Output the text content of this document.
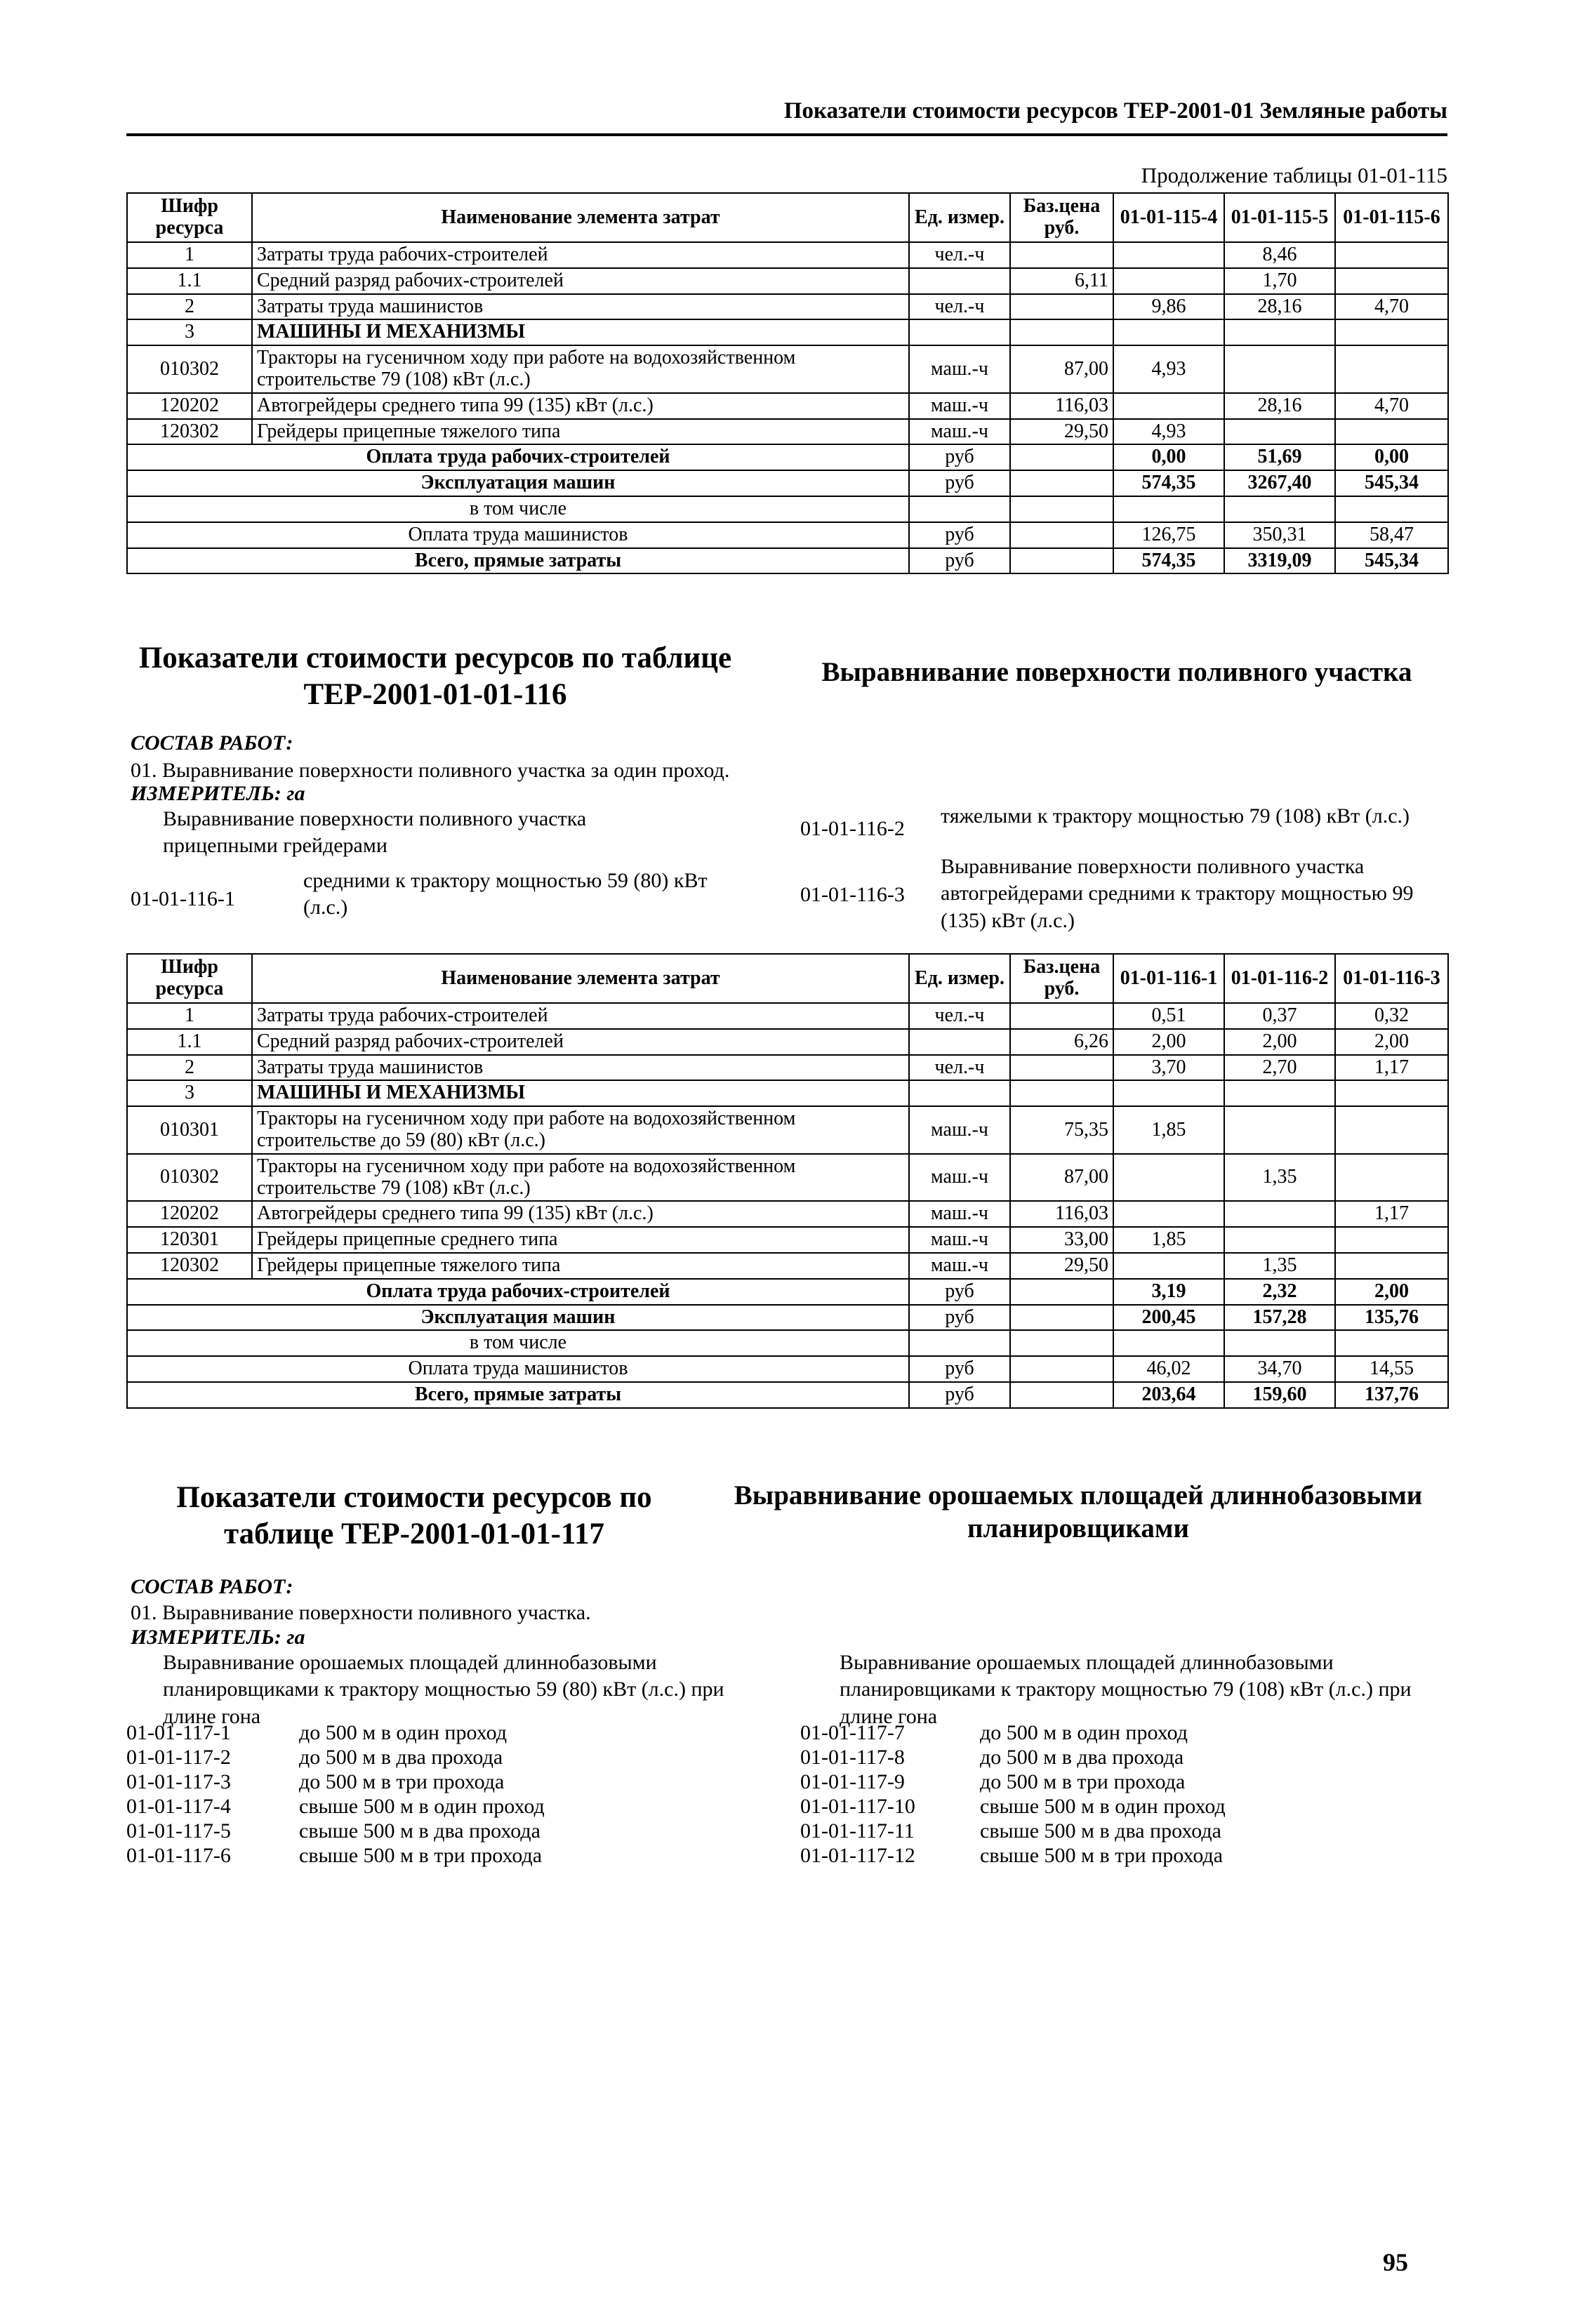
Показатели стоимости ресурсов ТЕР-2001-01 Земляные работы
Продолжение таблицы 01-01-115
Шифр ресурса	Наименование элемента затрат	Ед. измер.	Баз.цена руб.	01-01-115-4	01-01-115-5	01-01-115-6
1	Затраты труда рабочих-строителей	чел.-ч			8,46	
1.1	Средний разряд рабочих-строителей		6,11		1,70	
2	Затраты труда машинистов	чел.-ч		9,86	28,16	4,70
3	МАШИНЫ И МЕХАНИЗМЫ					
010302	Тракторы на гусеничном ходу при работе на водохозяйственном строительстве 79 (108) кВт (л.с.)	маш.-ч	87,00	4,93		
120202	Автогрейдеры среднего типа 99 (135) кВт (л.с.)	маш.-ч	116,03		28,16	4,70
120302	Грейдеры прицепные тяжелого типа	маш.-ч	29,50	4,93		
Оплата труда рабочих-строителей		руб		0,00	51,69	0,00
Эксплуатация машин		руб		574,35	3267,40	545,34
в том числе						
Оплата труда машинистов		руб		126,75	350,31	58,47
Всего, прямые затраты		руб		574,35	3319,09	545,34
Показатели стоимости ресурсов по таблице ТЕР-2001-01-01-116
Выравнивание поверхности поливного участка
СОСТАВ РАБОТ:
01. Выравнивание поверхности поливного участка за один проход.
ИЗМЕРИТЕЛЬ: га
Выравнивание поверхности поливного участка прицепными грейдерами
01-01-116-1
средними к трактору мощностью 59 (80) кВт (л.с.)
01-01-116-2
тяжелыми к трактору мощностью 79 (108) кВт (л.с.)
01-01-116-3
Выравнивание поверхности поливного участка автогрейдерами средними к трактору мощностью 99 (135) кВт (л.с.)
Шифр ресурса	Наименование элемента затрат	Ед. измер.	Баз.цена руб.	01-01-116-1	01-01-116-2	01-01-116-3
1	Затраты труда рабочих-строителей	чел.-ч		0,51	0,37	0,32
1.1	Средний разряд рабочих-строителей		6,26	2,00	2,00	2,00
2	Затраты труда машинистов	чел.-ч		3,70	2,70	1,17
3	МАШИНЫ И МЕХАНИЗМЫ					
010301	Тракторы на гусеничном ходу при работе на водохозяйственном строительстве до 59 (80) кВт (л.с.)	маш.-ч	75,35	1,85		
010302	Тракторы на гусеничном ходу при работе на водохозяйственном строительстве 79 (108) кВт (л.с.)	маш.-ч	87,00		1,35	
120202	Автогрейдеры среднего типа 99 (135) кВт (л.с.)	маш.-ч	116,03			1,17
120301	Грейдеры прицепные среднего типа	маш.-ч	33,00	1,85		
120302	Грейдеры прицепные тяжелого типа	маш.-ч	29,50		1,35	
Оплата труда рабочих-строителей		руб		3,19	2,32	2,00
Эксплуатация машин		руб		200,45	157,28	135,76
в том числе						
Оплата труда машинистов		руб		46,02	34,70	14,55
Всего, прямые затраты		руб		203,64	159,60	137,76
Показатели стоимости ресурсов по таблице ТЕР-2001-01-01-117
Выравнивание орошаемых площадей длиннобазовыми планировщиками
СОСТАВ РАБОТ:
01. Выравнивание поверхности поливного участка.
ИЗМЕРИТЕЛЬ: га
Выравнивание орошаемых площадей длиннобазовыми планировщиками к трактору мощностью 59 (80) кВт (л.с.) при длине гона
Выравнивание орошаемых площадей длиннобазовыми планировщиками к трактору мощностью 79 (108) кВт (л.с.) при длине гона
01-01-117-1	до 500 м в один проход
01-01-117-2	до 500 м в два прохода
01-01-117-3	до 500 м в три прохода
01-01-117-4	свыше 500 м в один проход
01-01-117-5	свыше 500 м в два прохода
01-01-117-6	свыше 500 м в три прохода
01-01-117-7	до 500 м в один проход
01-01-117-8	до 500 м в два прохода
01-01-117-9	до 500 м в три прохода
01-01-117-10	свыше 500 м в один проход
01-01-117-11	свыше 500 м в два прохода
01-01-117-12	свыше 500 м в три прохода
95
